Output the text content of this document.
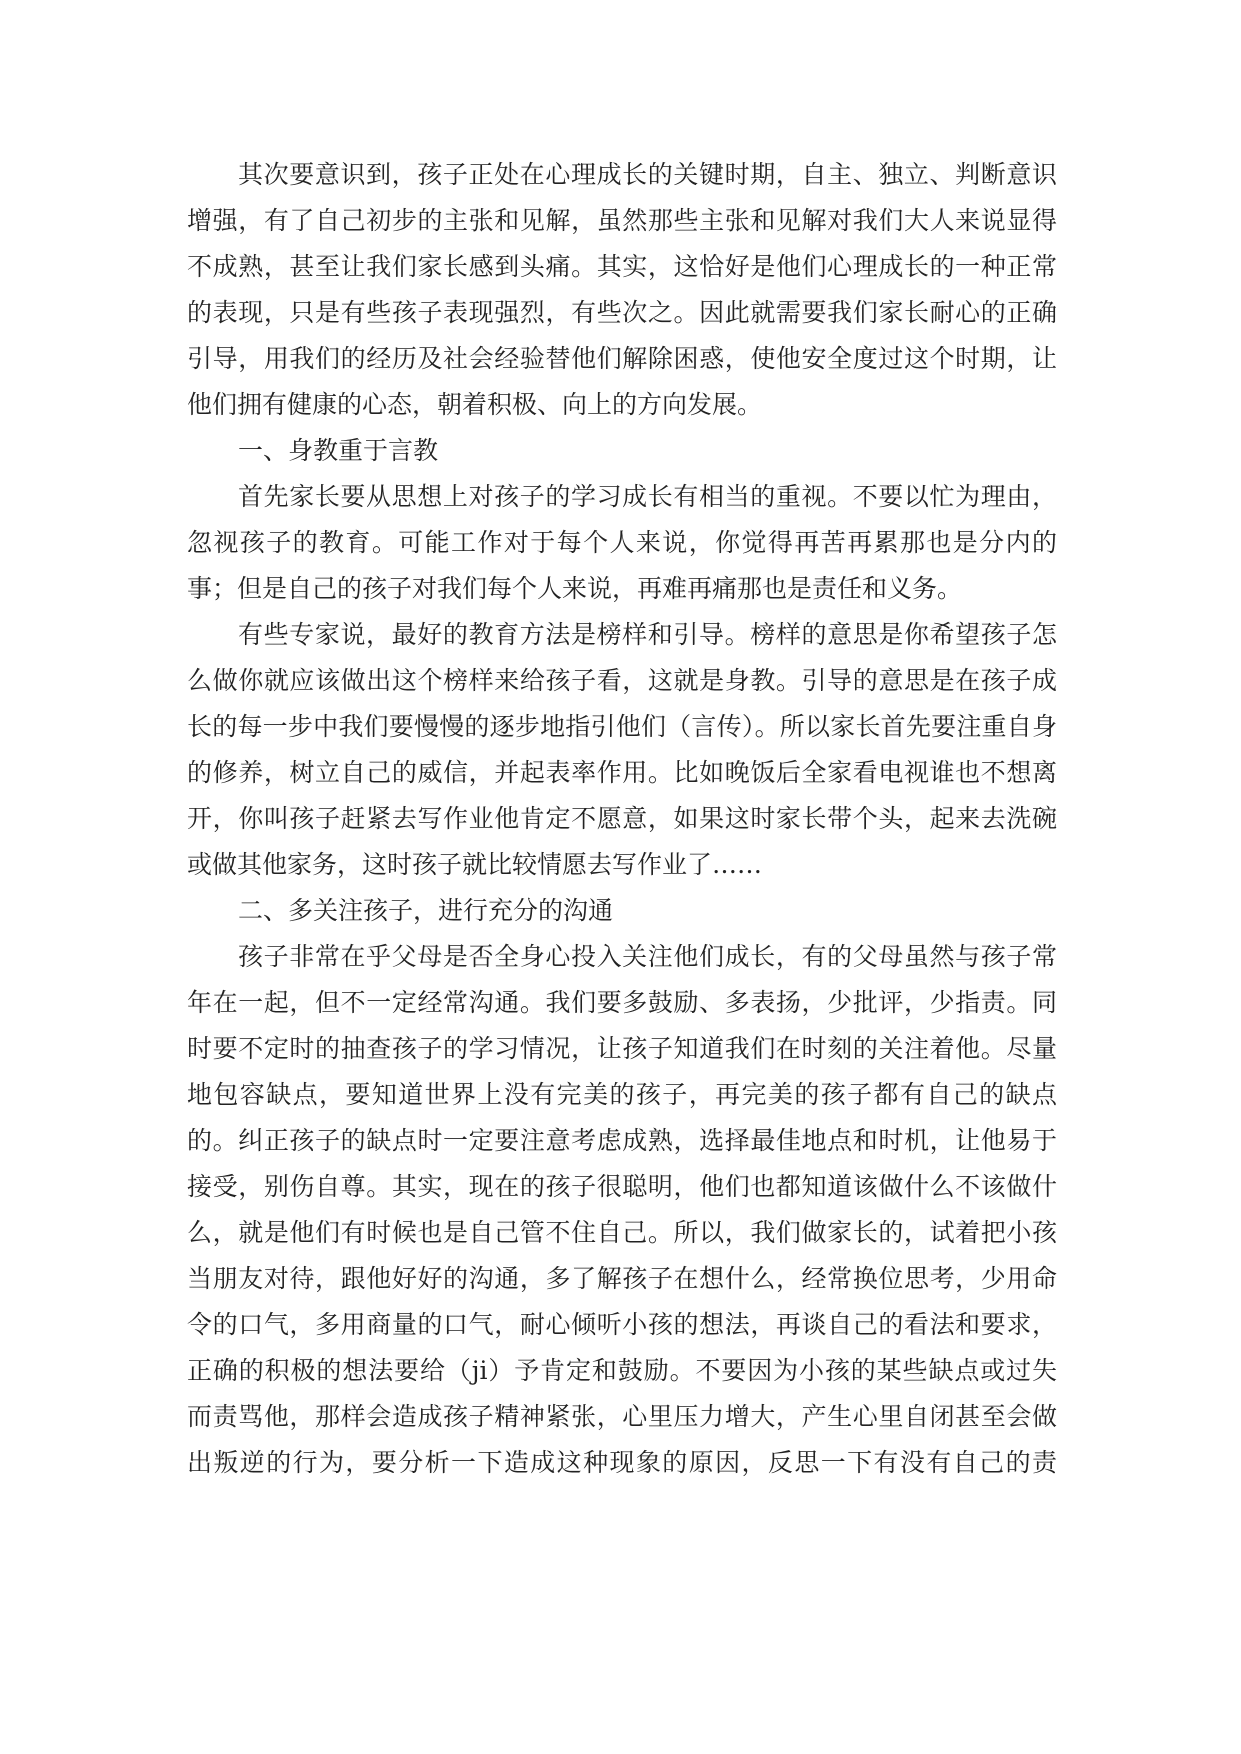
其次要意识到，孩子正处在心理成长的关键时期，自主、独立、判断意识
增强，有了自己初步的主张和见解，虽然那些主张和见解对我们大人来说显得
不成熟，甚至让我们家长感到头痛。其实，这恰好是他们心理成长的一种正常
的表现，只是有些孩子表现强烈，有些次之。因此就需要我们家长耐心的正确
引导，用我们的经历及社会经验替他们解除困惑，使他安全度过这个时期，让
他们拥有健康的心态，朝着积极、向上的方向发展。
一、身教重于言教
首先家长要从思想上对孩子的学习成长有相当的重视。不要以忙为理由，
忽视孩子的教育。可能工作对于每个人来说，你觉得再苦再累那也是分内的
事；但是自己的孩子对我们每个人来说，再难再痛那也是责任和义务。
有些专家说，最好的教育方法是榜样和引导。榜样的意思是你希望孩子怎
么做你就应该做出这个榜样来给孩子看，这就是身教。引导的意思是在孩子成
长的每一步中我们要慢慢的逐步地指引他们（言传）。所以家长首先要注重自身
的修养，树立自己的威信，并起表率作用。比如晚饭后全家看电视谁也不想离
开，你叫孩子赶紧去写作业他肯定不愿意，如果这时家长带个头，起来去洗碗
或做其他家务，这时孩子就比较情愿去写作业了……
二、多关注孩子，进行充分的沟通
孩子非常在乎父母是否全身心投入关注他们成长，有的父母虽然与孩子常
年在一起，但不一定经常沟通。我们要多鼓励、多表扬，少批评，少指责。同
时要不定时的抽查孩子的学习情况，让孩子知道我们在时刻的关注着他。尽量
地包容缺点，要知道世界上没有完美的孩子，再完美的孩子都有自己的缺点
的。纠正孩子的缺点时一定要注意考虑成熟，选择最佳地点和时机，让他易于
接受，别伤自尊。其实，现在的孩子很聪明，他们也都知道该做什么不该做什
么，就是他们有时候也是自己管不住自己。所以，我们做家长的，试着把小孩
当朋友对待，跟他好好的沟通，多了解孩子在想什么，经常换位思考，少用命
令的口气，多用商量的口气，耐心倾听小孩的想法，再谈自己的看法和要求，
正确的积极的想法要给（ji）予肯定和鼓励。不要因为小孩的某些缺点或过失
而责骂他，那样会造成孩子精神紧张，心里压力增大，产生心里自闭甚至会做
出叛逆的行为，要分析一下造成这种现象的原因，反思一下有没有自己的责
